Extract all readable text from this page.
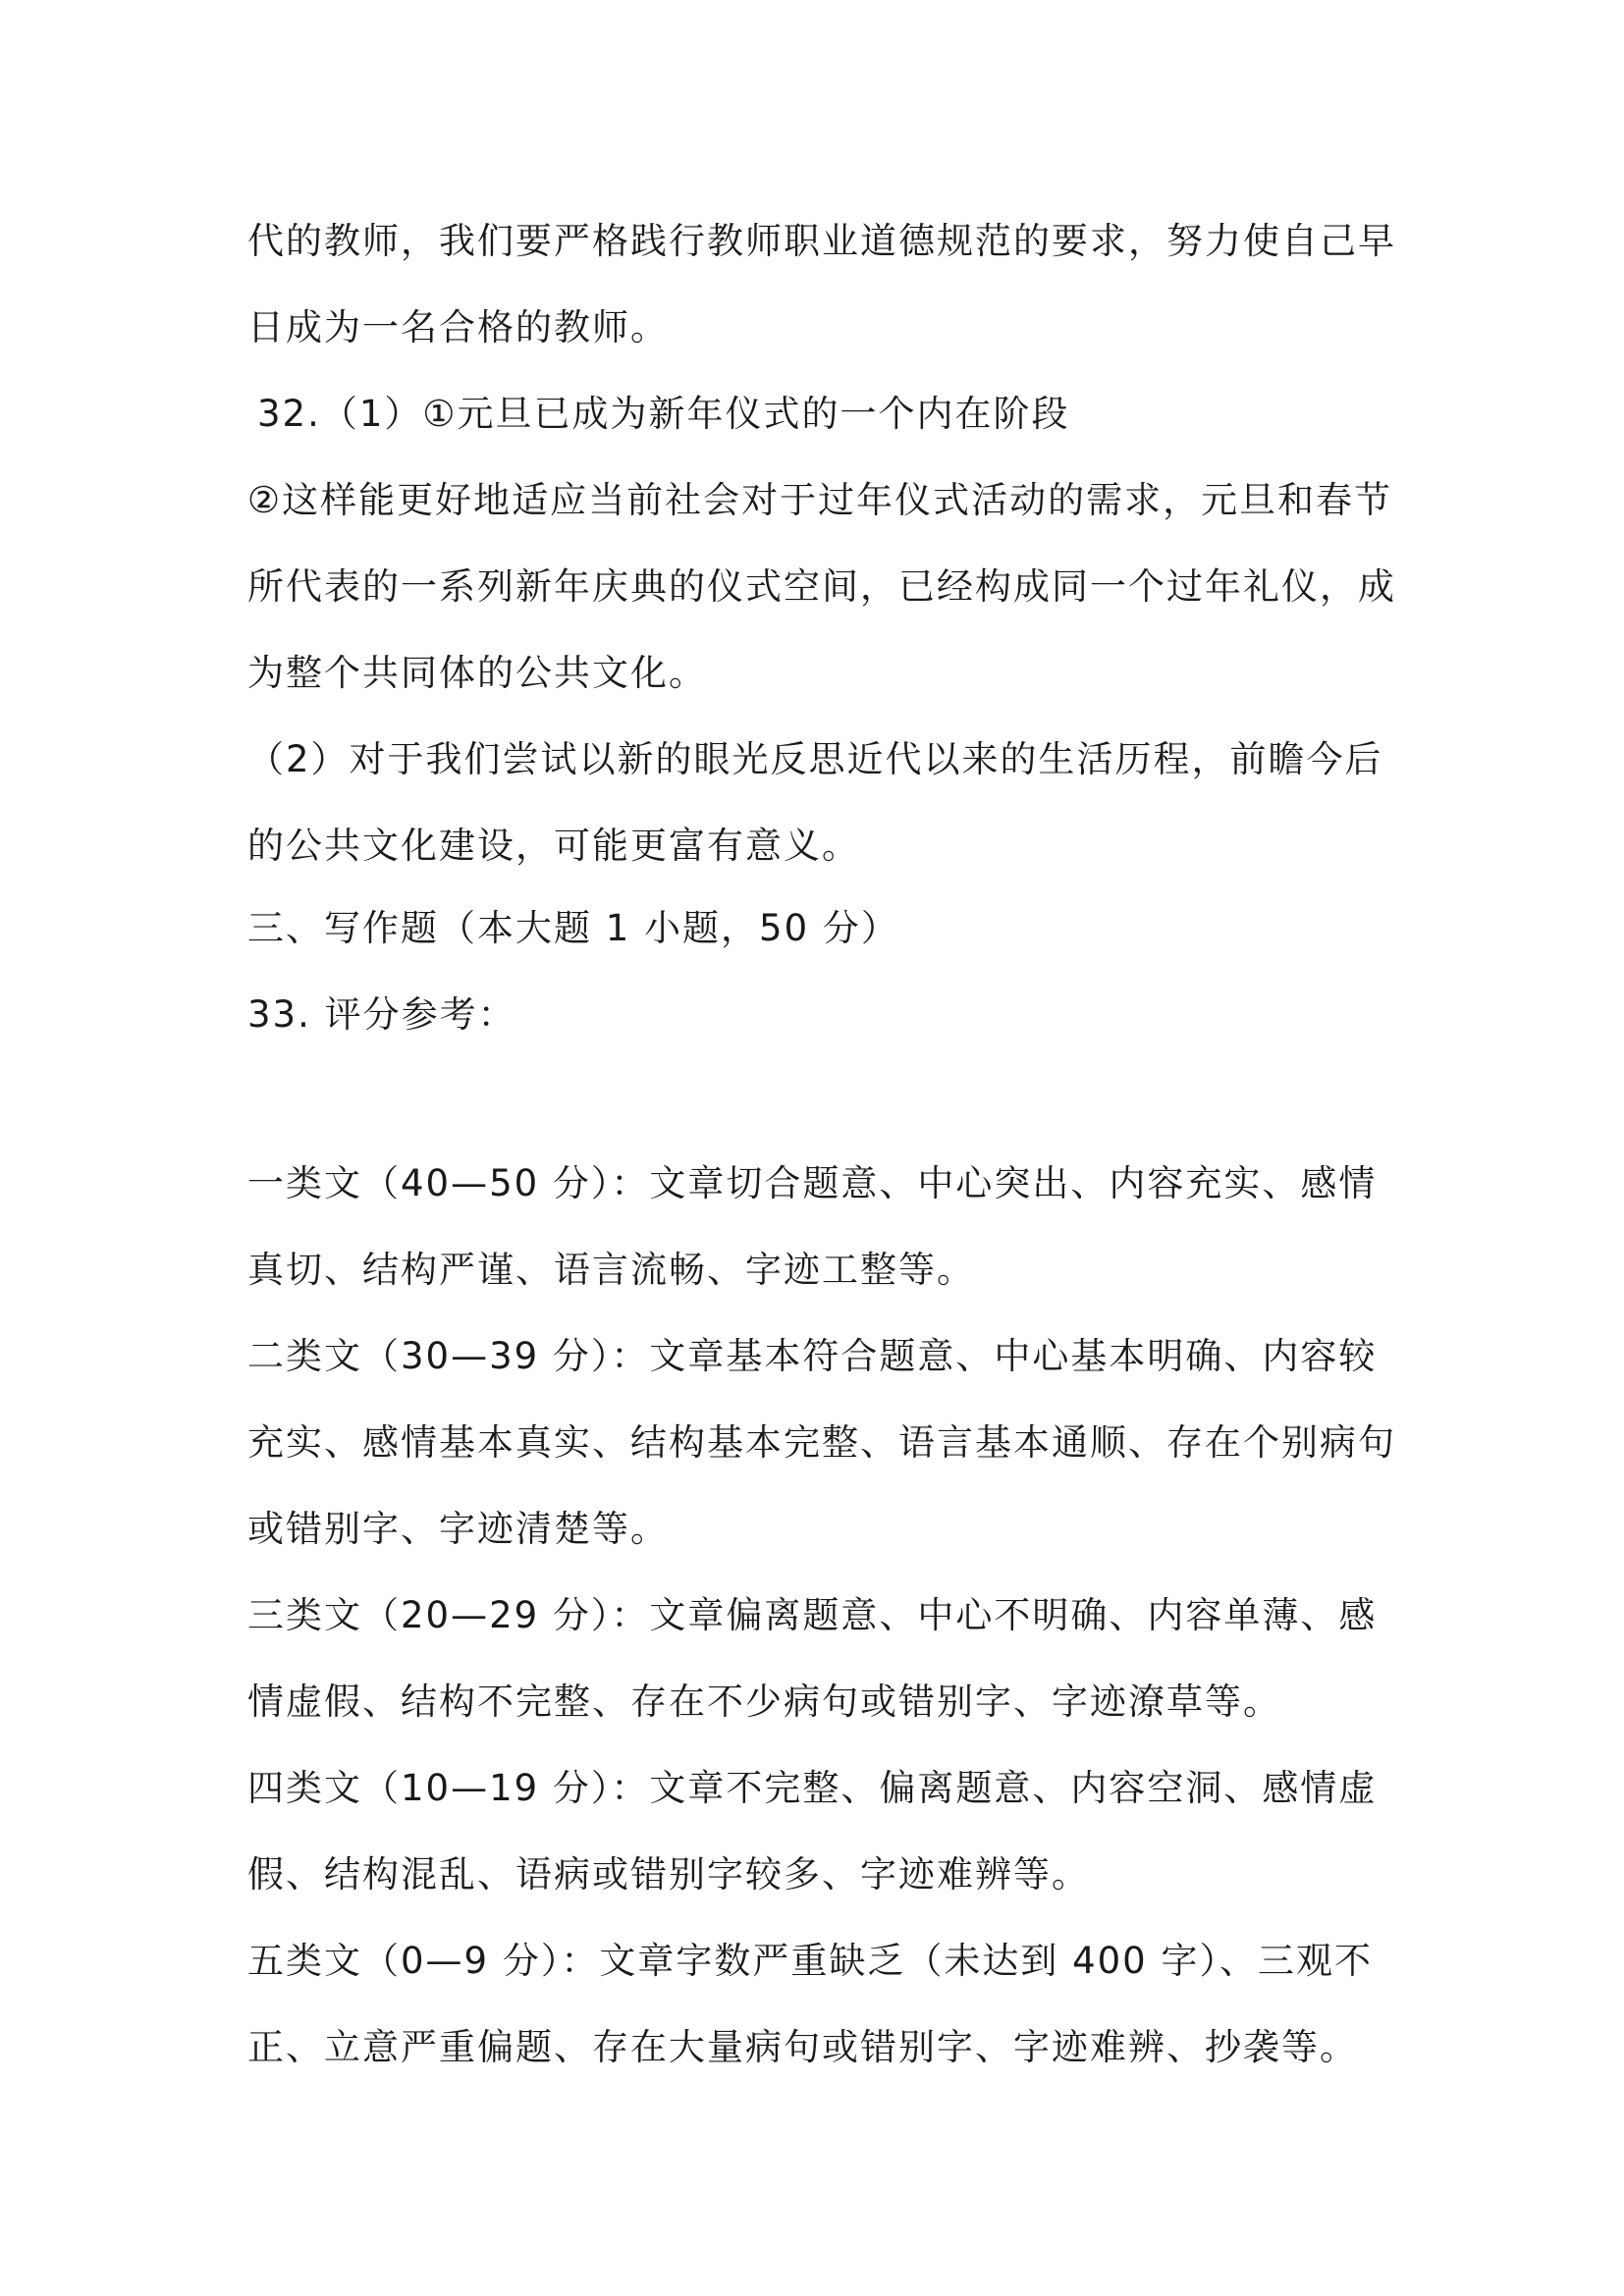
代的教师，我们要严格践行教师职业道德规范的要求，努力使自己早
日成为一名合格的教师。
32.（1）①元旦已成为新年仪式的一个内在阶段
②这样能更好地适应当前社会对于过年仪式活动的需求，元旦和春节
所代表的一系列新年庆典的仪式空间，已经构成同一个过年礼仪，成
为整个共同体的公共文化。
（2）对于我们尝试以新的眼光反思近代以来的生活历程，前瞻今后
的公共文化建设，可能更富有意义。
三、写作题（本大题 1 小题，50 分）
33. 评分参考：
一类文（40—50 分）：文章切合题意、中心突出、内容充实、感情
真切、结构严谨、语言流畅、字迹工整等。
二类文（30—39 分）：文章基本符合题意、中心基本明确、内容较
充实、感情基本真实、结构基本完整、语言基本通顺、存在个别病句
或错别字、字迹清楚等。
三类文（20—29 分）：文章偏离题意、中心不明确、内容单薄、感
情虚假、结构不完整、存在不少病句或错别字、字迹潦草等。
四类文（10—19 分）：文章不完整、偏离题意、内容空洞、感情虚
假、结构混乱、语病或错别字较多、字迹难辨等。
五类文（0—9 分）：文章字数严重缺乏（未达到 400 字）、三观不
正、立意严重偏题、存在大量病句或错别字、字迹难辨、抄袭等。
